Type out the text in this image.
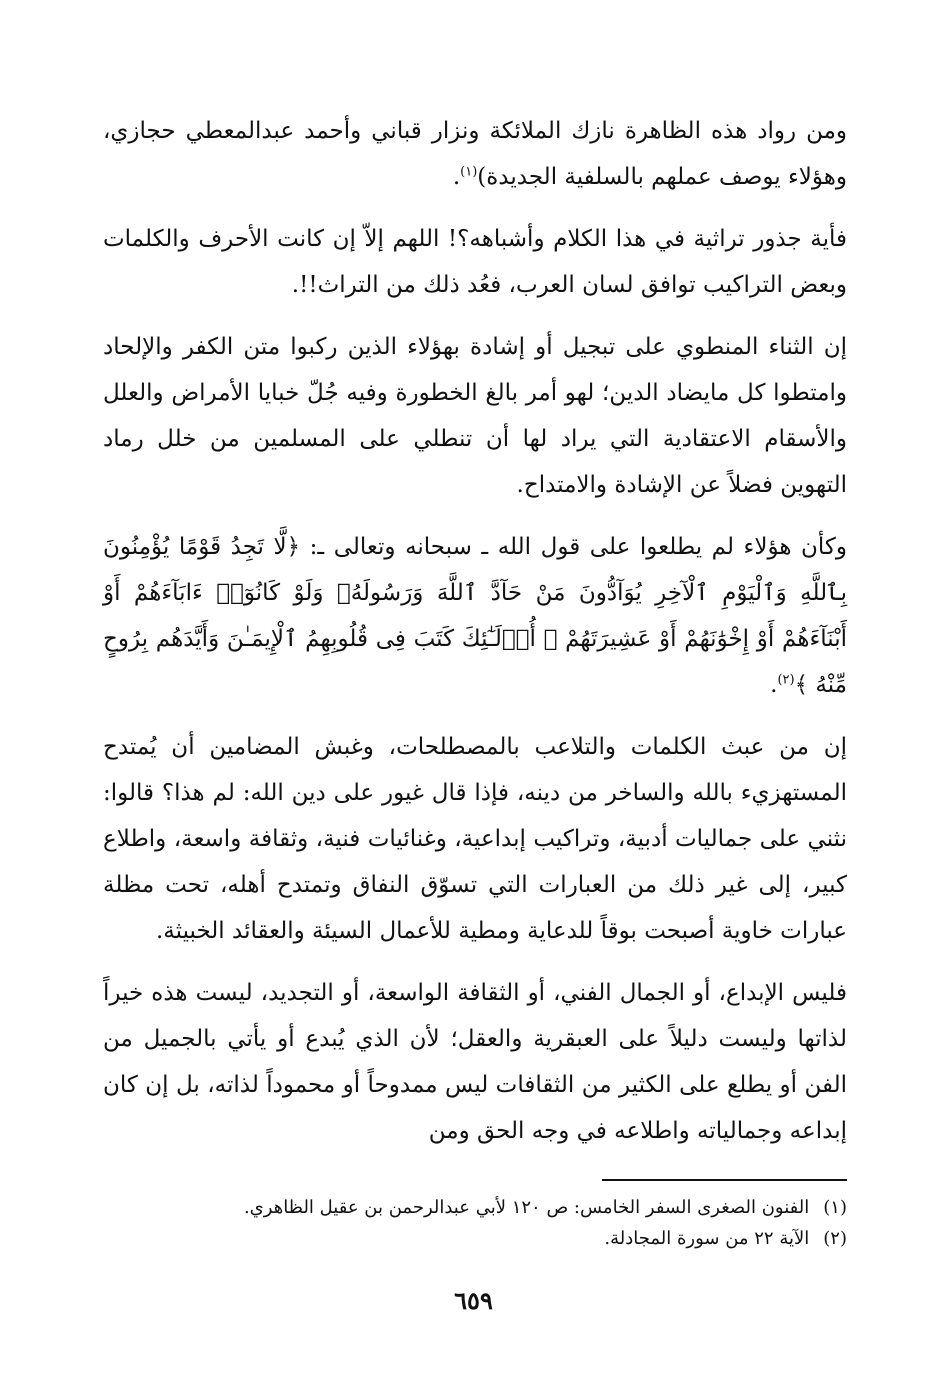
ومن رواد هذه الظاهرة نازك الملائكة ونزار قباني وأحمد عبدالمعطي حجازي، وهؤلاء يوصف عملهم بالسلفية الجديدة)$^{(١)}$.

فأية جذور تراثية في هذا الكلام وأشباهه؟! اللهم إلاّ إن كانت الأحرف والكلمات وبعض التراكيب توافق لسان العرب، فعُد ذلك من التراث!!.

إن الثناء المنطوي على تبجيل أو إشادة بهؤلاء الذين ركبوا متن الكفر والإلحاد وامتطوا كل مايضاد الدين؛ لهو أمر بالغ الخطورة وفيه جُلّ خبايا الأمراض والعلل والأسقام الاعتقادية التي يراد لها أن تنطلي على المسلمين من خلل رماد التهوين فضلاً عن الإشادة والامتداح.

وكأن هؤلاء لم يطلعوا على قول الله ـ سبحانه وتعالى ـ: ﴿لَّا تَجِدُ قَوْمًا يُؤْمِنُونَ بِٱللَّهِ وَٱلْيَوْمِ ٱلْآخِرِ يُوَآدُّونَ مَنْ حَآدَّ ٱللَّهَ وَرَسُولَهُۥ وَلَوْ كَانُوٓا۟ ءَابَآءَهُمْ أَوْ أَبْنَآءَهُمْ أَوْ إِخْوَٰنَهُمْ أَوْ عَشِيرَتَهُمْ ۚ أُو۟لَـٰٓئِكَ كَتَبَ فِى قُلُوبِهِمُ ٱلْإِيمَـٰنَ وَأَيَّدَهُم بِرُوحٍ مِّنْهُ ﴾$^{(٢)}$.

إن من عبث الكلمات والتلاعب بالمصطلحات، وغبش المضامين أن يُمتدح المستهزيء بالله والساخر من دينه، فإذا قال غيور على دين الله: لم هذا؟ قالوا: نثني على جماليات أدبية، وتراكيب إبداعية، وغنائيات فنية، وثقافة واسعة، واطلاع كبير، إلى غير ذلك من العبارات التي تسوّق النفاق وتمتدح أهله، تحت مظلة عبارات خاوية أصبحت بوقاً للدعاية ومطية للأعمال السيئة والعقائد الخبيثة.

فليس الإبداع، أو الجمال الفني، أو الثقافة الواسعة، أو التجديد، ليست هذه خيراً لذاتها وليست دليلاً على العبقرية والعقل؛ لأن الذي يُبدع أو يأتي بالجميل من الفن أو يطلع على الكثير من الثقافات ليس ممدوحاً أو محموداً لذاته، بل إن كان إبداعه وجمالياته واطلاعه في وجه الحق ومن

(١)
الفنون الصغرى السفر الخامس: ص ١٢٠ لأبي عبدالرحمن بن عقيل الظاهري.
(٢)
الآية ٢٢ من سورة المجادلة.
٦٥٩
